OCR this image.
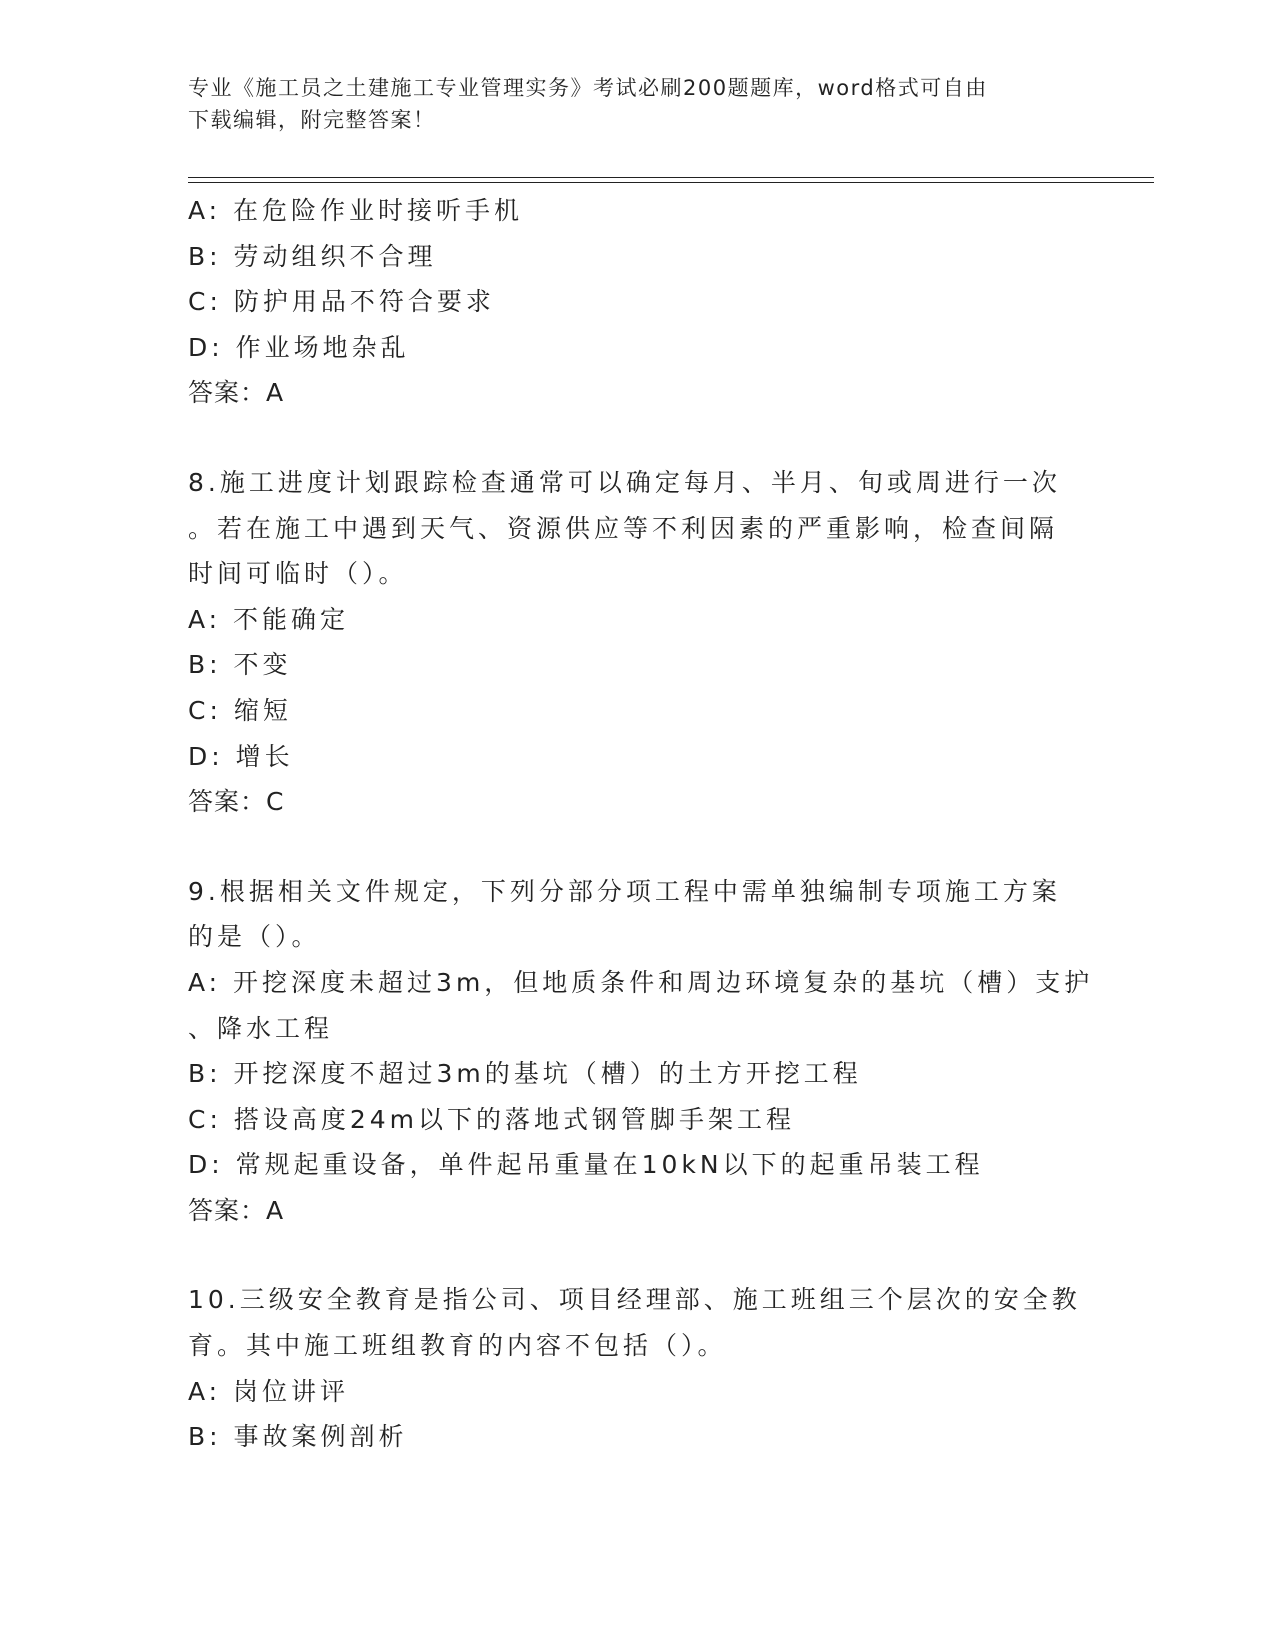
专业《施工员之土建施工专业管理实务》考试必刷200题题库，word格式可自由
下载编辑，附完整答案！
A: 在危险作业时接听手机
B: 劳动组织不合理
C: 防护用品不符合要求
D: 作业场地杂乱
答案：A
8.施工进度计划跟踪检查通常可以确定每月、半月、旬或周进行一次
。若在施工中遇到天气、资源供应等不利因素的严重影响，检查间隔
时间可临时（）。
A: 不能确定
B: 不变
C: 缩短
D: 增长
答案：C
9.根据相关文件规定，下列分部分项工程中需单独编制专项施工方案
的是（）。
A: 开挖深度未超过3m，但地质条件和周边环境复杂的基坑（槽）支护
、降水工程
B: 开挖深度不超过3m的基坑（槽）的土方开挖工程
C: 搭设高度24m以下的落地式钢管脚手架工程
D: 常规起重设备，单件起吊重量在10kN以下的起重吊装工程
答案：A
10.三级安全教育是指公司、项目经理部、施工班组三个层次的安全教
育。其中施工班组教育的内容不包括（）。
A: 岗位讲评
B: 事故案例剖析
